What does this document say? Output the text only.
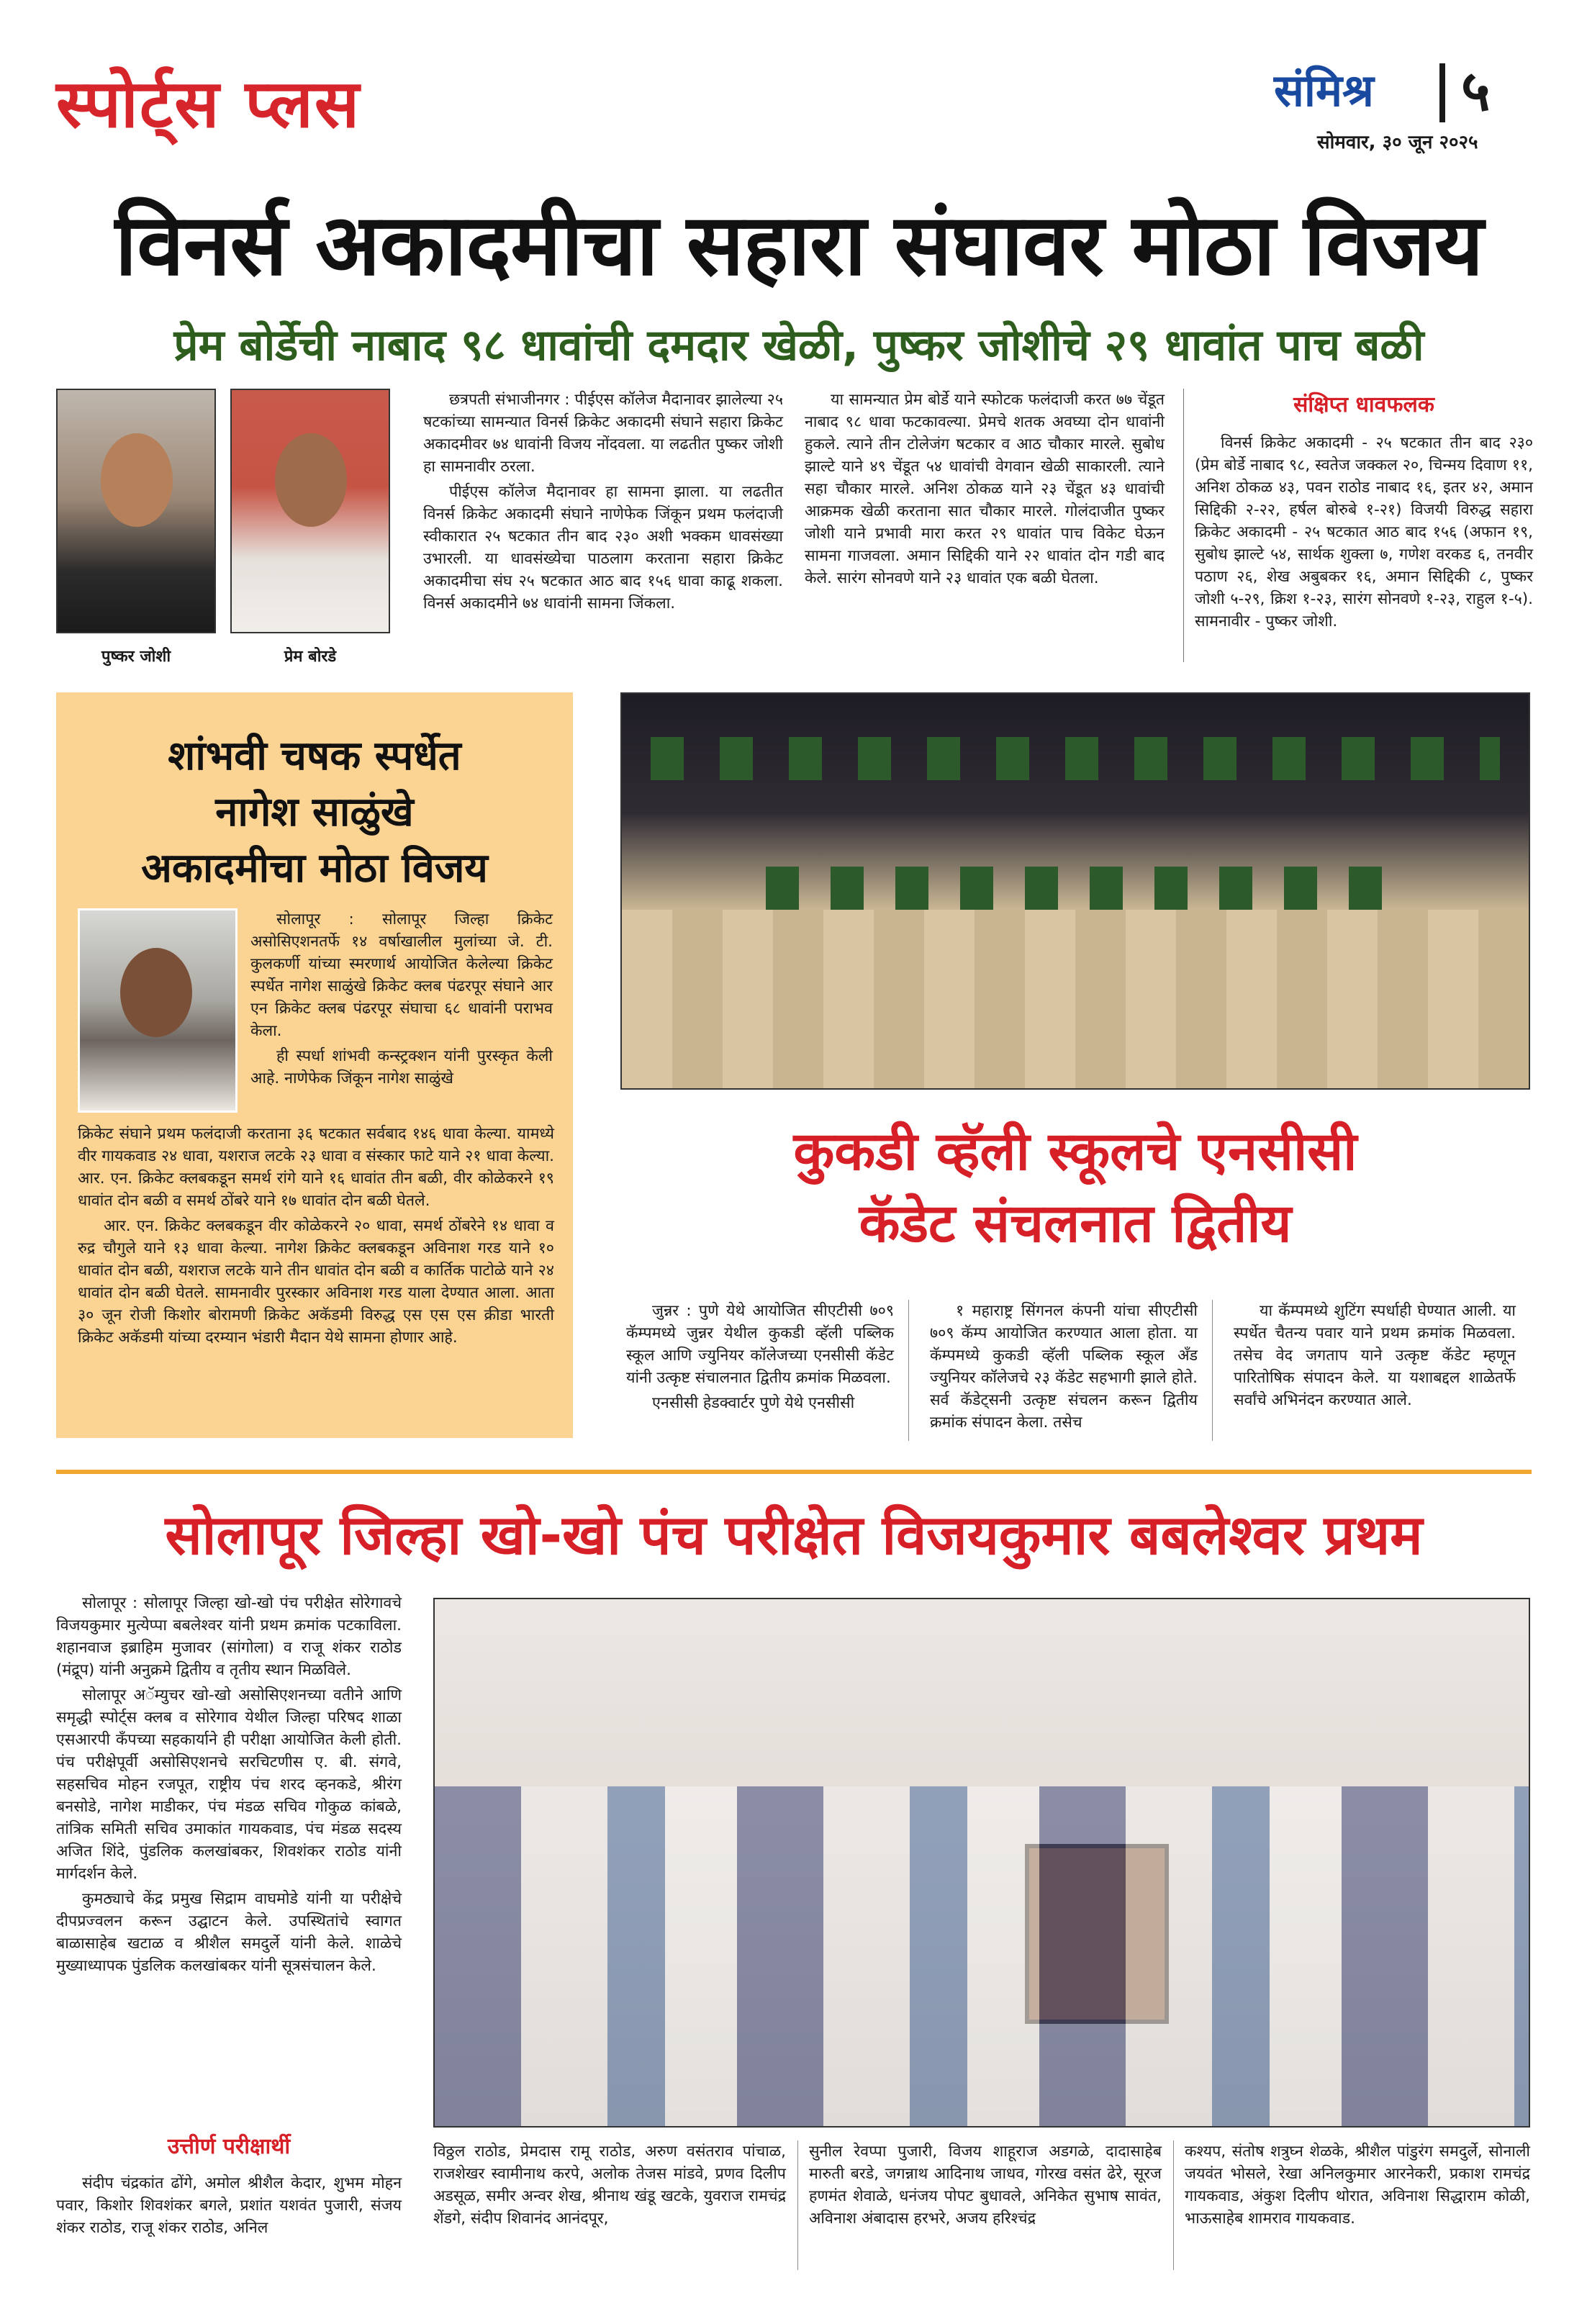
स्पोर्ट्स प्लस	संमिश्र ५
सोमवार, ३० जून २०२५
विनर्स अकादमीचा सहारा संघावर मोठा विजय
प्रेम बोर्डेची नाबाद ९८ धावांची दमदार खेळी, पुष्कर जोशीचे २९ धावांत पाच बळी
पुष्कर जोशी	प्रेम बोरडे

छत्रपती संभाजीनगर : पीईएस कॉलेज मैदानावर झालेल्या २५ षटकांच्या सामन्यात विनर्स क्रिकेट अकादमी संघाने सहारा क्रिकेट अकादमीवर ७४ धावांनी विजय नोंदवला. या लढतीत पुष्कर जोशी हा सामनावीर ठरला.

पीईएस कॉलेज मैदानावर हा सामना झाला. या लढतीत विनर्स क्रिकेट अकादमी संघाने नाणेफेक जिंकून प्रथम फलंदाजी स्वीकारात २५ षटकात तीन बाद २३० अशी भक्कम धावसंख्या उभारली. या धावसंख्येचा पाठलाग करताना सहारा क्रिकेट अकादमीचा संघ २५ षटकात आठ बाद १५६ धावा काढू शकला. विनर्स अकादमीने ७४ धावांनी सामना जिंकला.

या सामन्यात प्रेम बोर्डे याने स्फोटक फलंदाजी करत ७७ चेंडूत नाबाद ९८ धावा फटकावल्या. प्रेमचे शतक अवघ्या दोन धावांनी हुकले. त्याने तीन टोलेजंग षटकार व आठ चौकार मारले. सुबोध झाल्टे याने ४९ चेंडूत ५४ धावांची वेगवान खेळी साकारली. त्याने सहा चौकार मारले. अनिश ठोकळ याने २३ चेंडूत ४३ धावांची आक्रमक खेळी करताना सात चौकार मारले. गोलंदाजीत पुष्कर जोशी याने प्रभावी मारा करत २९ धावांत पाच विकेट घेऊन सामना गाजवला. अमान सिद्दिकी याने २२ धावांत दोन गडी बाद केले. सारंग सोनवणे याने २३ धावांत एक बळी घेतला.

संक्षिप्त धावफलक

विनर्स क्रिकेट अकादमी - २५ षटकात तीन बाद २३० (प्रेम बोर्डे नाबाद ९८, स्वतेज जक्कल २०, चिन्मय दिवाण ११, अनिश ठोकळ ४३, पवन राठोड नाबाद १६, इतर ४२, अमान सिद्दिकी २-२२, हर्षल बोरुबे १-२१) विजयी विरुद्ध सहारा क्रिकेट अकादमी - २५ षटकात आठ बाद १५६ (अफान १९, सुबोध झाल्टे ५४, सार्थक शुक्ला ७, गणेश वरकड ६, तनवीर पठाण २६, शेख अबुबकर १६, अमान सिद्दिकी ८, पुष्कर जोशी ५-२९, क्रिश १-२३, सारंग सोनवणे १-२३, राहुल १-५). सामनावीर - पुष्कर जोशी.

शांभवी चषक स्पर्धेत
नागेश साळुंखे
अकादमीचा मोठा विजय

सोलापूर : सोलापूर जिल्हा क्रिकेट असोसिएशनतर्फे १४ वर्षाखालील मुलांच्या जे. टी. कुलकर्णी यांच्या स्मरणार्थ आयोजित केलेल्या क्रिकेट स्पर्धेत नागेश साळुंखे क्रिकेट क्लब पंढरपूर संघाने आर एन क्रिकेट क्लब पंढरपूर संघाचा ६८ धावांनी पराभव केला.

ही स्पर्धा शांभवी कन्स्ट्रक्शन यांनी पुरस्कृत केली आहे. नाणेफेक जिंकून नागेश साळुंखे

क्रिकेट संघाने प्रथम फलंदाजी करताना ३६ षटकात सर्वबाद १४६ धावा केल्या. यामध्ये वीर गायकवाड २४ धावा, यशराज लटके २३ धावा व संस्कार फाटे याने २१ धावा केल्या. आर. एन. क्रिकेट क्लबकडून समर्थ रांगे याने १६ धावांत तीन बळी, वीर कोळेकरने १९ धावांत दोन बळी व समर्थ ठोंबरे याने १७ धावांत दोन बळी घेतले.

आर. एन. क्रिकेट क्लबकडून वीर कोळेकरने २० धावा, समर्थ ठोंबरेने १४ धावा व रुद्र चौगुले याने १३ धावा केल्या. नागेश क्रिकेट क्लबकडून अविनाश गरड याने १० धावांत दोन बळी, यशराज लटके याने तीन धावांत दोन बळी व कार्तिक पाटोळे याने २४ धावांत दोन बळी घेतले. सामनावीर पुरस्कार अविनाश गरड याला देण्यात आला. आता ३० जून रोजी किशोर बोरामणी क्रिकेट अकॅडमी विरुद्ध एस एस एस क्रीडा भारती क्रिकेट अकॅडमी यांच्या दरम्यान भंडारी मैदान येथे सामना होणार आहे.

कुकडी व्हॅली स्कूलचे एनसीसी
कॅडेट संचलनात द्वितीय

जुन्नर : पुणे येथे आयोजित सीएटीसी ७०९ कॅम्पमध्ये जुन्नर येथील कुकडी व्हॅली पब्लिक स्कूल आणि ज्युनियर कॉलेजच्या एनसीसी कॅडेट यांनी उत्कृष्ट संचालनात द्वितीय क्रमांक मिळवला.

एनसीसी हेडक्वार्टर पुणे येथे एनसीसी

१ महाराष्ट्र सिंगनल कंपनी यांचा सीएटीसी ७०९ कॅम्प आयोजित करण्यात आला होता. या कॅम्पमध्ये कुकडी व्हॅली पब्लिक स्कूल अँड ज्युनियर कॉलेजचे २३ कॅडेट सहभागी झाले होते. सर्व कॅडेट्सनी उत्कृष्ट संचलन करून द्वितीय क्रमांक संपादन केला. तसेच

या कॅम्पमध्ये शुटिंग स्पर्धाही घेण्यात आली. या स्पर्धेत चैतन्य पवार याने प्रथम क्रमांक मिळवला. तसेच वेद जगताप याने उत्कृष्ट कॅडेट म्हणून पारितोषिक संपादन केले. या यशाबद्दल शाळेतर्फे सर्वांचे अभिनंदन करण्यात आले.

सोलापूर जिल्हा खो-खो पंच परीक्षेत विजयकुमार बबलेश्वर प्रथम

सोलापूर : सोलापूर जिल्हा खो-खो पंच परीक्षेत सोरेगावचे विजयकुमार मुत्येप्पा बबलेश्वर यांनी प्रथम क्रमांक पटकाविला. शहानवाज इब्राहिम मुजावर (सांगोला) व राजू शंकर राठोड (मंद्रूप) यांनी अनुक्रमे द्वितीय व तृतीय स्थान मिळविले.

सोलापूर अॅम्युचर खो-खो असोसिएशनच्या वतीने आणि समृद्धी स्पोर्ट्स क्लब व सोरेगाव येथील जिल्हा परिषद शाळा एसआरपी कॅंपच्या सहकार्याने ही परीक्षा आयोजित केली होती. पंच परीक्षेपूर्वी असोसिएशनचे सरचिटणीस ए. बी. संगवे, सहसचिव मोहन रजपूत, राष्ट्रीय पंच शरद व्हनकडे, श्रीरंग बनसोडे, नागेश माडीकर, पंच मंडळ सचिव गोकुळ कांबळे, तांत्रिक समिती सचिव उमाकांत गायकवाड, पंच मंडळ सदस्य अजित शिंदे, पुंडलिक कलखांबकर, शिवशंकर राठोड यांनी मार्गदर्शन केले.

कुमठ्याचे केंद्र प्रमुख सिद्राम वाघमोडे यांनी या परीक्षेचे दीपप्रज्वलन करून उद्घाटन केले. उपस्थितांचे स्वागत बाळासाहेब खटाळ व श्रीशैल समदुर्ले यांनी केले. शाळेचे मुख्याध्यापक पुंडलिक कलखांबकर यांनी सूत्रसंचालन केले.

उत्तीर्ण परीक्षार्थी

संदीप चंद्रकांत ढोंगे, अमोल श्रीशैल केदार, शुभम मोहन पवार, किशोर शिवशंकर बगले, प्रशांत यशवंत पुजारी, संजय शंकर राठोड, राजू शंकर राठोड, अनिल

विठ्ठल राठोड, प्रेमदास रामू राठोड, अरुण वसंतराव पांचाळ, राजशेखर स्वामीनाथ करपे, अलोक तेजस मांडवे, प्रणव दिलीप अडसूळ, समीर अन्वर शेख, श्रीनाथ खंडू खटके, युवराज रामचंद्र शेंडगे, संदीप शिवानंद आनंदपूर,

सुनील रेवप्पा पुजारी, विजय शाहूराज अडगळे, दादासाहेब मारुती बरडे, जगन्नाथ आदिनाथ जाधव, गोरख वसंत ढेरे, सूरज हणमंत शेवाळे, धनंजय पोपट बुधावले, अनिकेत सुभाष सावंत, अविनाश अंबादास हरभरे, अजय हरिश्चंद्र

कश्यप, संतोष शत्रुघ्न शेळके, श्रीशैल पांडुरंग समदुर्ले, सोनाली जयवंत भोसले, रेखा अनिलकुमार आरनेकरी, प्रकाश रामचंद्र गायकवाड, अंकुश दिलीप थोरात, अविनाश सिद्धाराम कोळी, भाऊसाहेब शामराव गायकवाड.
